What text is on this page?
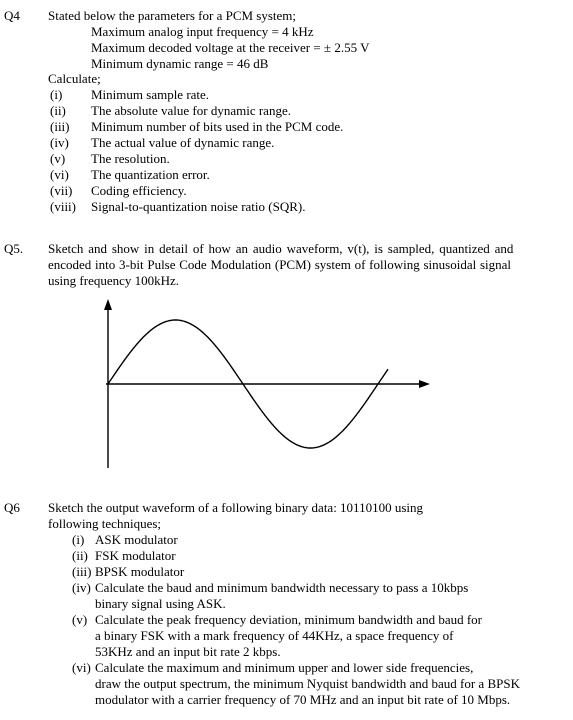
Q4 Stated below the parameters for a PCM system;
Maximum analog input frequency = 4 kHz
Maximum decoded voltage at the receiver = ± 2.55 V
Minimum dynamic range = 46 dB
Calculate;
(i) Minimum sample rate.
(ii) The absolute value for dynamic range.
(iii) Minimum number of bits used in the PCM code.
(iv) The actual value of dynamic range.
(v) The resolution.
(vi) The quantization error.
(vii) Coding efficiency.
(viii) Signal-to-quantization noise ratio (SQR).
Q5. Sketch and show in detail of how an audio waveform, v(t), is sampled, quantized and
encoded into 3-bit Pulse Code Modulation (PCM) system of following sinusoidal signal
using frequency 100kHz.
Q6 Sketch the output waveform of a following binary data: 10110100 using
following techniques;
(i) ASK modulator
(ii) FSK modulator
(iii) BPSK modulator
(iv) Calculate the baud and minimum bandwidth necessary to pass a 10kbps
binary signal using ASK.
(v) Calculate the peak frequency deviation, minimum bandwidth and baud for
a binary FSK with a mark frequency of 44KHz, a space frequency of
53KHz and an input bit rate 2 kbps.
(vi) Calculate the maximum and minimum upper and lower side frequencies,
draw the output spectrum, the minimum Nyquist bandwidth and baud for a BPSK
modulator with a carrier frequency of 70 MHz and an input bit rate of 10 Mbps.
